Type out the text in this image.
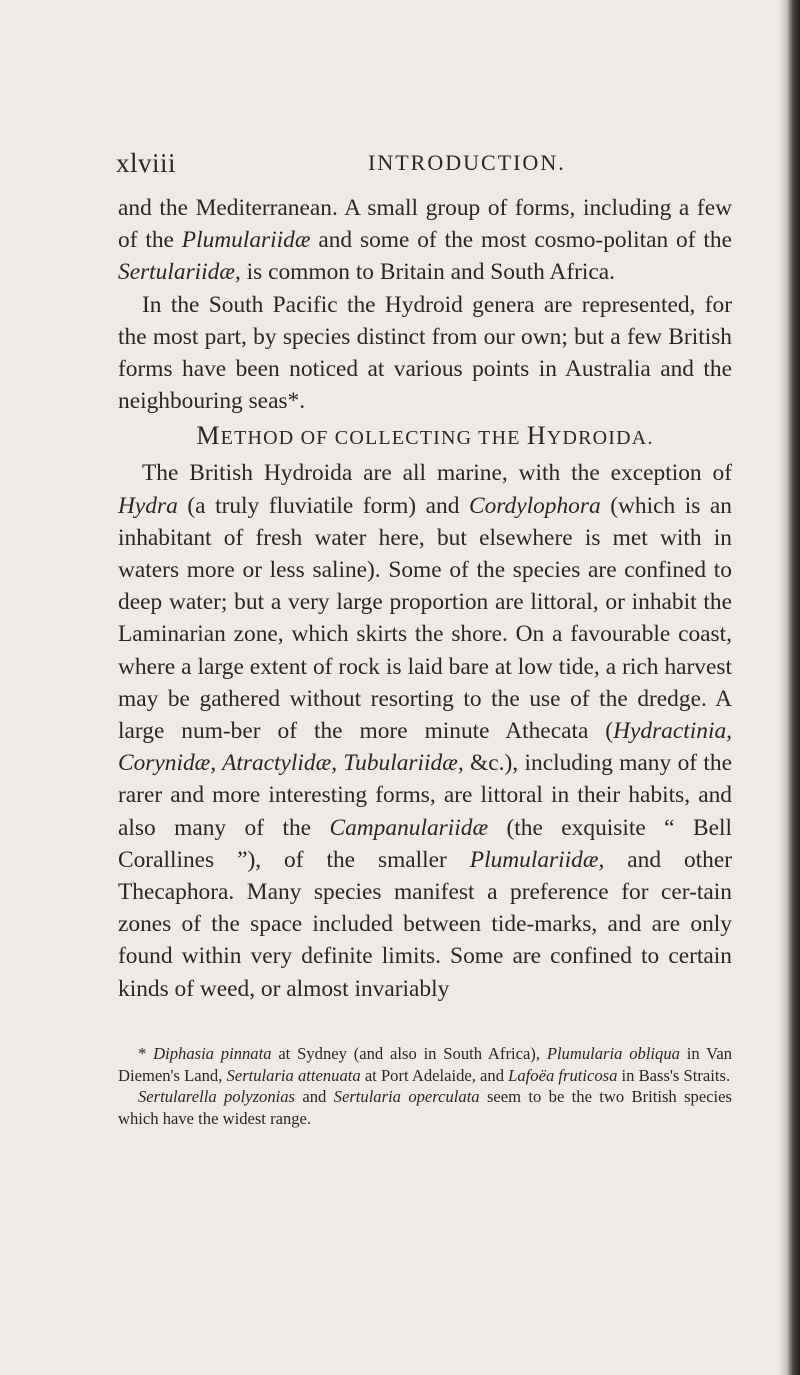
xlviii	INTRODUCTION.

and the Mediterranean. A small group of forms, including a few of the Plumulariidæ and some of the most cosmo-politan of the Sertulariidæ, is common to Britain and South Africa.

In the South Pacific the Hydroid genera are represented, for the most part, by species distinct from our own; but a few British forms have been noticed at various points in Australia and the neighbouring seas*.

METHOD OF COLLECTING THE HYDROIDA.

The British Hydroida are all marine, with the exception of Hydra (a truly fluviatile form) and Cordylophora (which is an inhabitant of fresh water here, but elsewhere is met with in waters more or less saline). Some of the species are confined to deep water; but a very large proportion are littoral, or inhabit the Laminarian zone, which skirts the shore. On a favourable coast, where a large extent of rock is laid bare at low tide, a rich harvest may be gathered without resorting to the use of the dredge. A large num-ber of the more minute Athecata (Hydractinia, Corynidæ, Atractylidæ, Tubulariidæ, &c.), including many of the rarer and more interesting forms, are littoral in their habits, and also many of the Campanulariidæ (the exquisite “ Bell Corallines ”), of the smaller Plumulariidæ, and other Thecaphora. Many species manifest a preference for cer-tain zones of the space included between tide-marks, and are only found within very definite limits. Some are confined to certain kinds of weed, or almost invariably

* Diphasia pinnata at Sydney (and also in South Africa), Plumularia obliqua in Van Diemen's Land, Sertularia attenuata at Port Adelaide, and Lafoëa fruticosa in Bass's Straits.

Sertularella polyzonias and Sertularia operculata seem to be the two British species which have the widest range.
